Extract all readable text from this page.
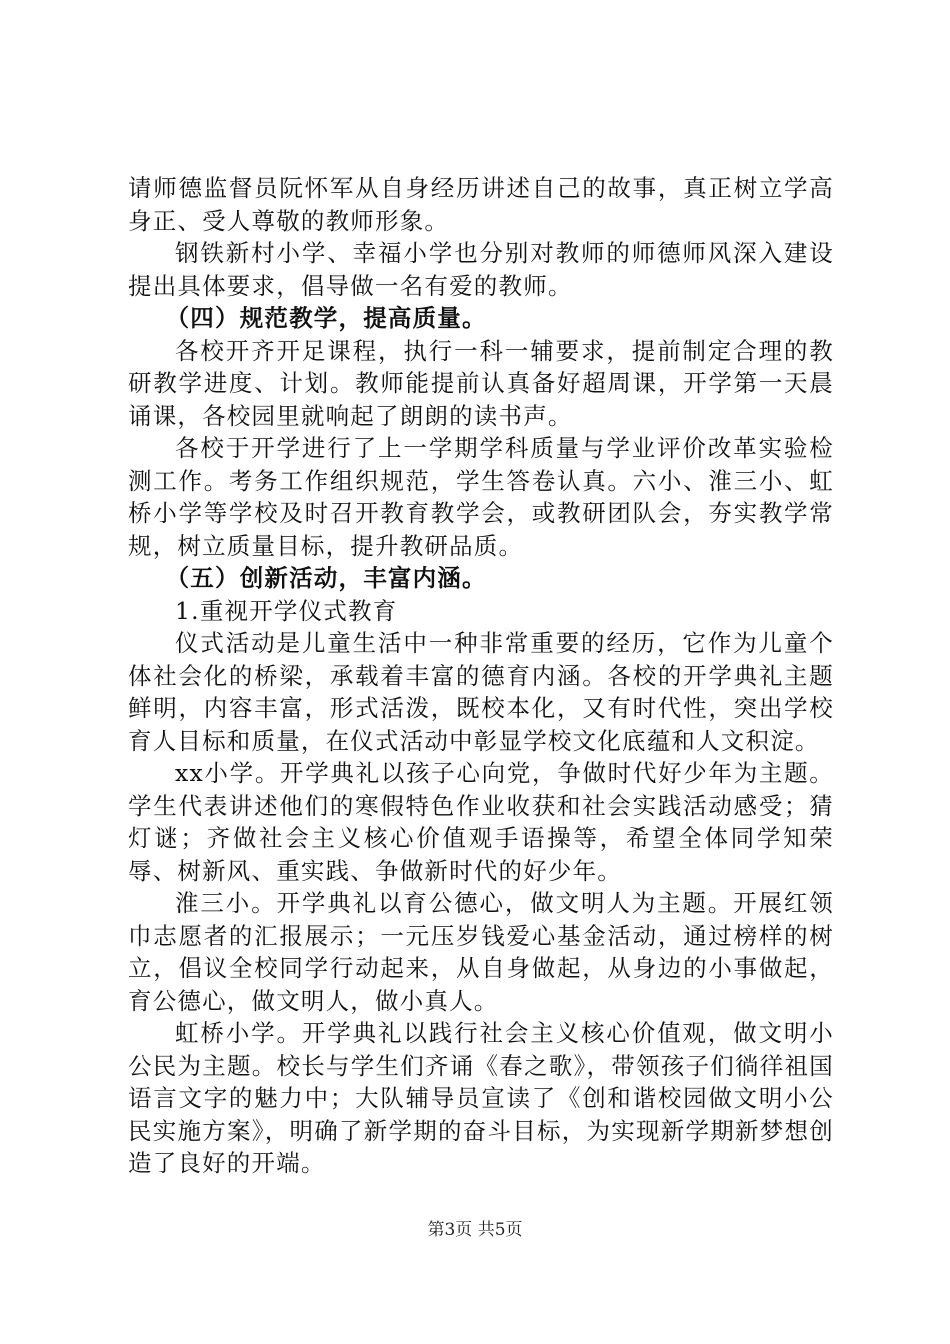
请师德监督员阮怀军从自身经历讲述自己的故事，真正树立学高身正、受人尊敬的教师形象。

钢铁新村小学、幸福小学也分别对教师的师德师风深入建设提出具体要求，倡导做一名有爱的教师。

（四）规范教学，提高质量。

各校开齐开足课程，执行一科一辅要求，提前制定合理的教研教学进度、计划。教师能提前认真备好超周课，开学第一天晨诵课，各校园里就响起了朗朗的读书声。

各校于开学进行了上一学期学科质量与学业评价改革实验检测工作。考务工作组织规范，学生答卷认真。六小、淮三小、虹桥小学等学校及时召开教育教学会，或教研团队会，夯实教学常规，树立质量目标，提升教研品质。

（五）创新活动，丰富内涵。

1.重视开学仪式教育

仪式活动是儿童生活中一种非常重要的经历，它作为儿童个体社会化的桥梁，承载着丰富的德育内涵。各校的开学典礼主题鲜明，内容丰富，形式活泼，既校本化，又有时代性，突出学校育人目标和质量，在仪式活动中彰显学校文化底蕴和人文积淀。

xx小学。开学典礼以孩子心向党，争做时代好少年为主题。学生代表讲述他们的寒假特色作业收获和社会实践活动感受；猜灯谜；齐做社会主义核心价值观手语操等，希望全体同学知荣辱、树新风、重实践、争做新时代的好少年。

淮三小。开学典礼以育公德心，做文明人为主题。开展红领巾志愿者的汇报展示；一元压岁钱爱心基金活动，通过榜样的树立，倡议全校同学行动起来，从自身做起，从身边的小事做起，育公德心，做文明人，做小真人。

虹桥小学。开学典礼以践行社会主义核心价值观，做文明小公民为主题。校长与学生们齐诵《春之歌》，带领孩子们徜徉祖国语言文字的魅力中；大队辅导员宣读了《创和谐校园做文明小公民实施方案》，明确了新学期的奋斗目标，为实现新学期新梦想创造了良好的开端。

第3页 共5页
